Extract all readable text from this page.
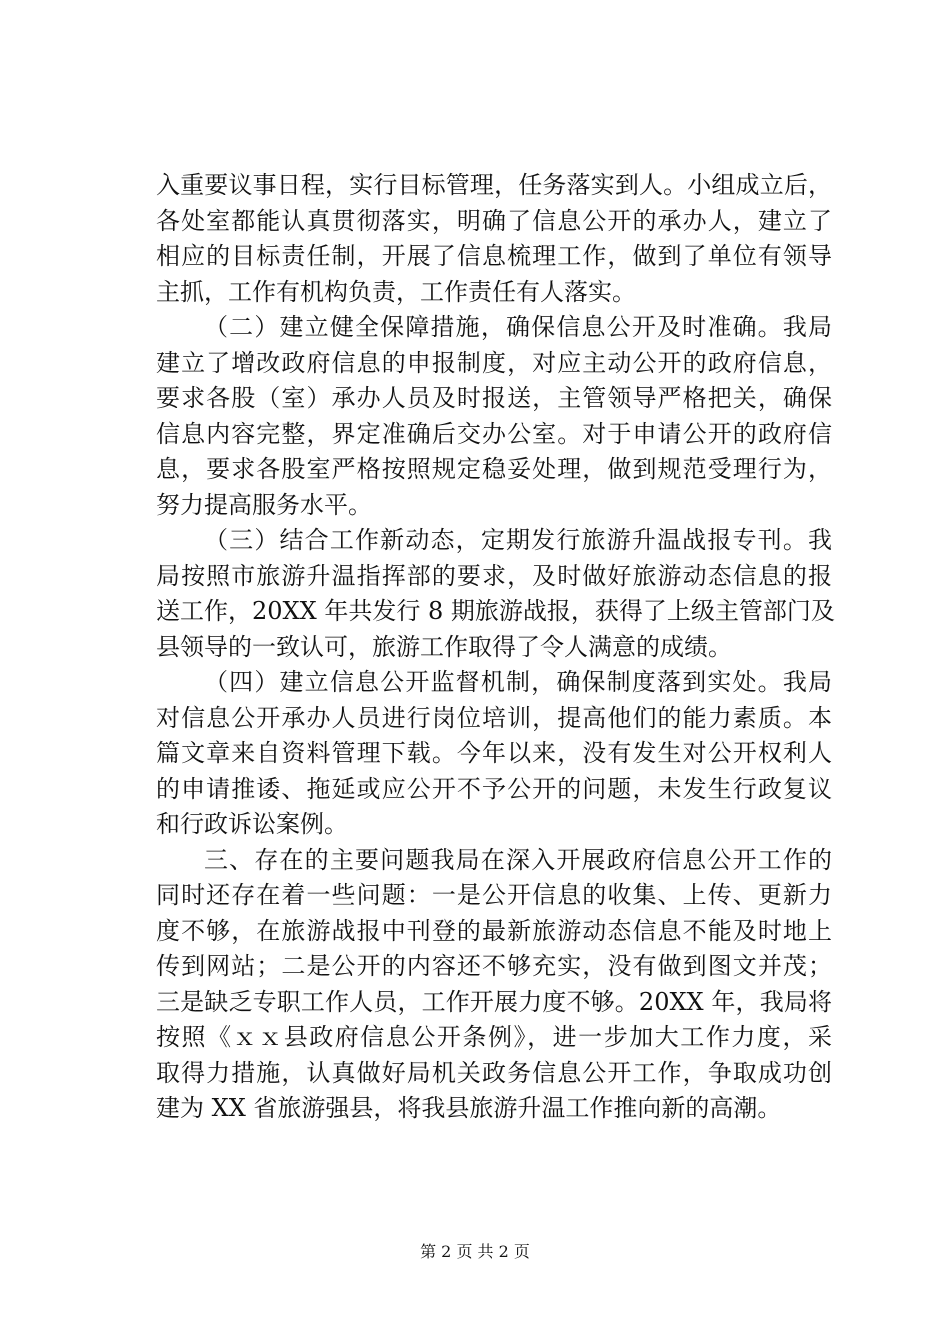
入重要议事日程，实行目标管理，任务落实到人。小组成立后，
各处室都能认真贯彻落实，明确了信息公开的承办人，建立了
相应的目标责任制，开展了信息梳理工作，做到了单位有领导
主抓，工作有机构负责，工作责任有人落实。
（二）建立健全保障措施，确保信息公开及时准确。我局
建立了增改政府信息的申报制度，对应主动公开的政府信息，
要求各股（室）承办人员及时报送，主管领导严格把关，确保
信息内容完整，界定准确后交办公室。对于申请公开的政府信
息，要求各股室严格按照规定稳妥处理，做到规范受理行为，
努力提高服务水平。
（三）结合工作新动态，定期发行旅游升温战报专刊。我
局按照市旅游升温指挥部的要求，及时做好旅游动态信息的报
送工作，20XX 年共发行 8 期旅游战报，获得了上级主管部门及
县领导的一致认可，旅游工作取得了令人满意的成绩。
（四）建立信息公开监督机制，确保制度落到实处。我局
对信息公开承办人员进行岗位培训，提高他们的能力素质。本
篇文章来自资料管理下载。今年以来，没有发生对公开权利人
的申请推诿、拖延或应公开不予公开的问题，未发生行政复议
和行政诉讼案例。
三、存在的主要问题我局在深入开展政府信息公开工作的
同时还存在着一些问题：一是公开信息的收集、上传、更新力
度不够，在旅游战报中刊登的最新旅游动态信息不能及时地上
传到网站；二是公开的内容还不够充实，没有做到图文并茂；
三是缺乏专职工作人员，工作开展力度不够。20XX 年，我局将
按照《ｘｘ县政府信息公开条例》，进一步加大工作力度，采
取得力措施，认真做好局机关政务信息公开工作，争取成功创
建为 XX 省旅游强县，将我县旅游升温工作推向新的高潮。
第 2 页 共 2 页
